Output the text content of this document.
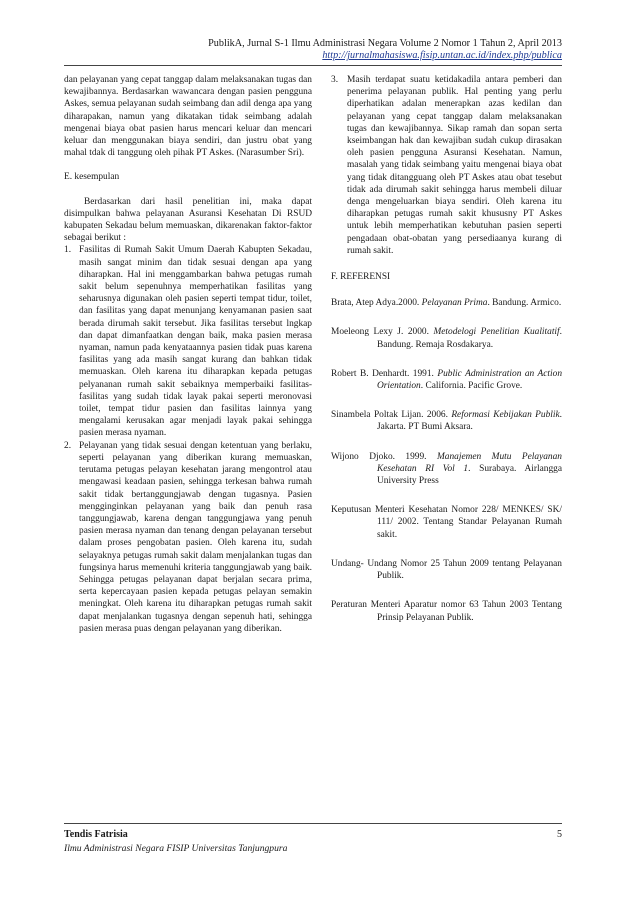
PublikA, Jurnal S-1 Ilmu Administrasi Negara Volume 2 Nomor 1 Tahun 2, April 2013
http://jurnalmahasiswa.fisip.untan.ac.id/index.php/publica

dan pelayanan yang cepat tanggap dalam melaksanakan tugas dan kewajibannya. Berdasarkan wawancara dengan pasien pengguna Askes, semua pelayanan sudah seimbang dan adil denga apa yang diharapakan, namun yang dikatakan tidak seimbang adalah mengenai biaya obat pasien harus mencari keluar dan mencari keluar dan menggunakan biaya sendiri, dan justru obat yang mahal tdak di tanggung oleh pihak PT Askes. (Narasumber Sri).

E. kesempulan

Berdasarkan dari hasil penelitian ini, maka dapat disimpulkan bahwa pelayanan Asuransi Kesehatan Di RSUD kabupaten Sekadau belum memuaskan, dikarenakan faktor-faktor sebagai berikut :

1. Fasilitas di Rumah Sakit Umum Daerah Kabupten Sekadau, masih sangat minim dan tidak sesuai dengan apa yang diharapkan. Hal ini menggambarkan bahwa petugas rumah sakit belum sepenuhnya memperhatikan fasilitas yang seharusnya digunakan oleh pasien seperti tempat tidur, toilet, dan fasilitas yang dapat menunjang kenyamanan pasien saat berada dirumah sakit tersebut. Jika fasilitas tersebut lngkap dan dapat dimanfaatkan dengan baik, maka pasien merasa nyaman, namun pada kenyataannya pasien tidak puas karena fasilitas yang ada masih sangat kurang dan bahkan tidak memuaskan. Oleh karena itu diharapkan kepada petugas pelyananan rumah sakit sebaiknya memperbaiki fasilitas-fasilitas yang sudah tidak layak pakai seperti meronovasi toilet, tempat tidur pasien dan fasilitas lainnya yang mengalami kerusakan agar menjadi layak pakai sehingga pasien merasa nyaman.
2. Pelayanan yang tidak sesuai dengan ketentuan yang berlaku, seperti pelayanan yang diberikan kurang memuaskan, terutama petugas pelayan kesehatan jarang mengontrol atau mengawasi keadaan pasien, sehingga terkesan bahwa rumah sakit tidak bertanggungjawab dengan tugasnya. Pasien mengginginkan pelayanan yang baik dan penuh rasa tanggungjawab, karena dengan tanggungjawa yang penuh pasien merasa nyaman dan tenang dengan pelayanan tersebut dalam proses pengobatan pasien. Oleh karena itu, sudah selayaknya petugas rumah sakit dalam menjalankan tugas dan fungsinya harus memenuhi kriteria tanggungjawab yang baik. Sehingga petugas pelayanan dapat berjalan secara prima, serta kepercayaan pasien kepada petugas pelayan semakin meningkat. Oleh karena itu diharapkan petugas rumah sakit dapat menjalankan tugasnya dengan sepenuh hati, sehingga pasien merasa puas dengan pelayanan yang diberikan.
3. Masih terdapat suatu ketidakadila antara pemberi dan penerima pelayanan publik. Hal penting yang perlu diperhatikan adalan menerapkan azas kedilan dan pelayanan yang cepat tanggap dalam melaksanakan tugas dan kewajibannya. Sikap ramah dan sopan serta kseimbangan hak dan kewajiban sudah cukup dirasakan oleh pasien pengguna Asuransi Kesehatan. Namun, masalah yang tidak seimbang yaitu mengenai biaya obat yang tidak ditangguang oleh PT Askes atau obat tesebut tidak ada dirumah sakit sehingga harus membeli diluar denga mengeluarkan biaya sendiri. Oleh karena itu diharapkan petugas rumah sakit khususny PT Askes untuk lebih memperhatikan kebutuhan pasien seperti pengadaan obat-obatan yang persediaanya kurang di rumah sakit.

F. REFERENSI

Brata, Atep Adya.2000. Pelayanan Prima. Bandung. Armico.

Moeleong Lexy J. 2000. Metodelogi Penelitian Kualitatif. Bandung. Remaja Rosdakarya.

Robert B. Denhardt. 1991. Public Administration an Action Orientation. California. Pacific Grove.

Sinambela Poltak Lijan. 2006. Reformasi Kebijakan Publik. Jakarta. PT Bumi Aksara.

Wijono Djoko. 1999. Manajemen Mutu Pelayanan Kesehatan RI Vol 1. Surabaya. Airlangga University Press

Keputusan Menteri Kesehatan Nomor 228/ MENKES/ SK/ 111/ 2002. Tentang Standar Pelayanan Rumah sakit.

Undang- Undang Nomor 25 Tahun 2009 tentang Pelayanan Publik.

Peraturan Menteri Aparatur nomor 63 Tahun 2003 Tentang Prinsip Pelayanan Publik.

Tendis Fatrisia
Ilmu Administrasi Negara FISIP Universitas Tanjungpura
5
